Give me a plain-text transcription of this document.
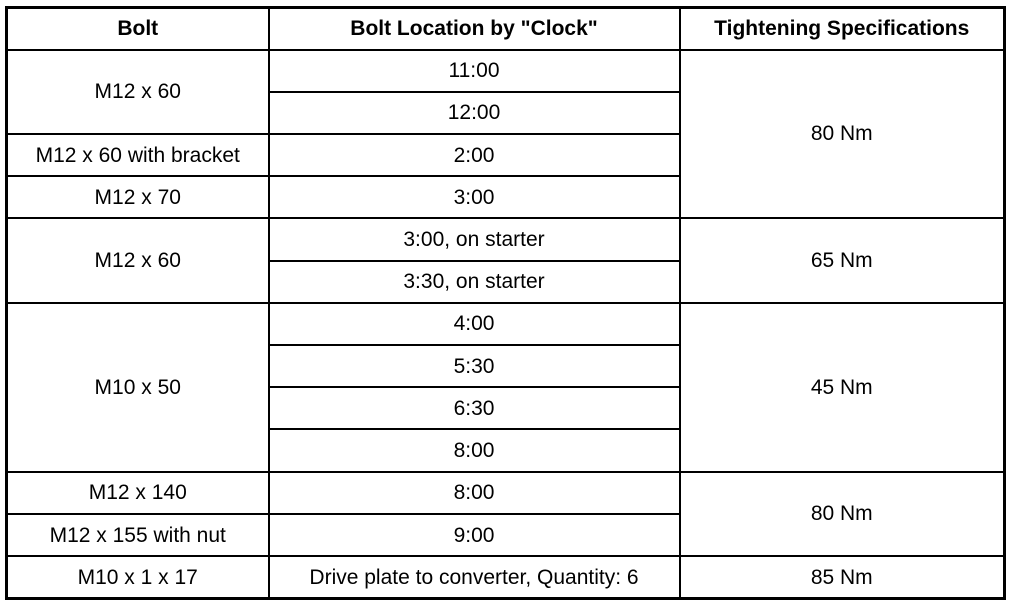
Bolt	Bolt Location by "Clock"	Tightening Specifications
M12 x 60	11:00	80 Nm
	12:00	
M12 x 60 with bracket	2:00	
M12 x 70	3:00	
M12 x 60	3:00, on starter	65 Nm
	3:30, on starter	
M10 x 50	4:00	45 Nm
	5:30	
	6:30	
	8:00	
M12 x 140	8:00	80 Nm
M12 x 155 with nut	9:00	
M10 x 1 x 17	Drive plate to converter, Quantity: 6	85 Nm
